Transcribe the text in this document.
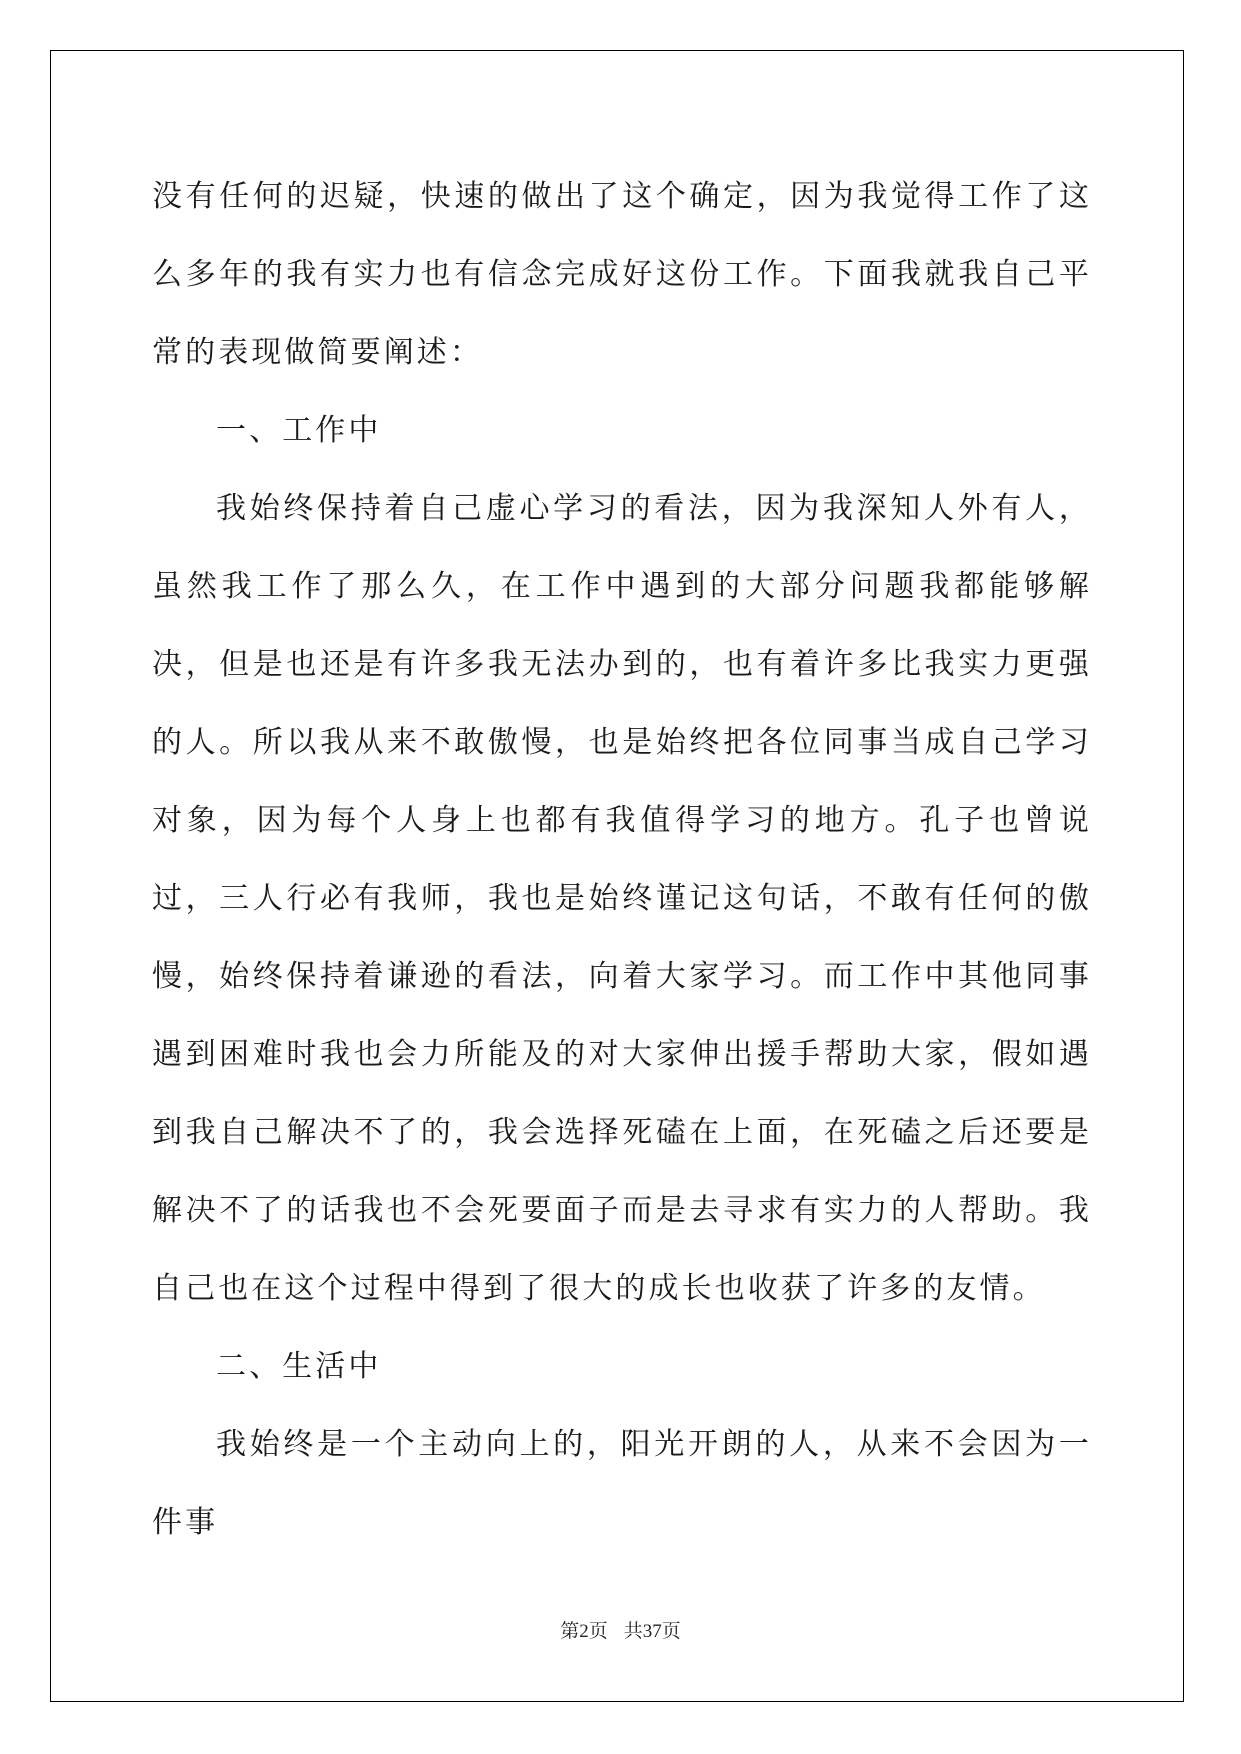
没有任何的迟疑，快速的做出了这个确定，因为我觉得工作了这么多年的我有实力也有信念完成好这份工作。下面我就我自己平常的表现做简要阐述：

一、工作中

我始终保持着自己虚心学习的看法，因为我深知人外有人，虽然我工作了那么久，在工作中遇到的大部分问题我都能够解决，但是也还是有许多我无法办到的，也有着许多比我实力更强的人。所以我从来不敢傲慢，也是始终把各位同事当成自己学习对象，因为每个人身上也都有我值得学习的地方。孔子也曾说过，三人行必有我师，我也是始终谨记这句话，不敢有任何的傲慢，始终保持着谦逊的看法，向着大家学习。而工作中其他同事遇到困难时我也会力所能及的对大家伸出援手帮助大家，假如遇到我自己解决不了的，我会选择死磕在上面，在死磕之后还要是解决不了的话我也不会死要面子而是去寻求有实力的人帮助。我自己也在这个过程中得到了很大的成长也收获了许多的友情。

二、生活中

我始终是一个主动向上的，阳光开朗的人，从来不会因为一件事

第2页 共37页
